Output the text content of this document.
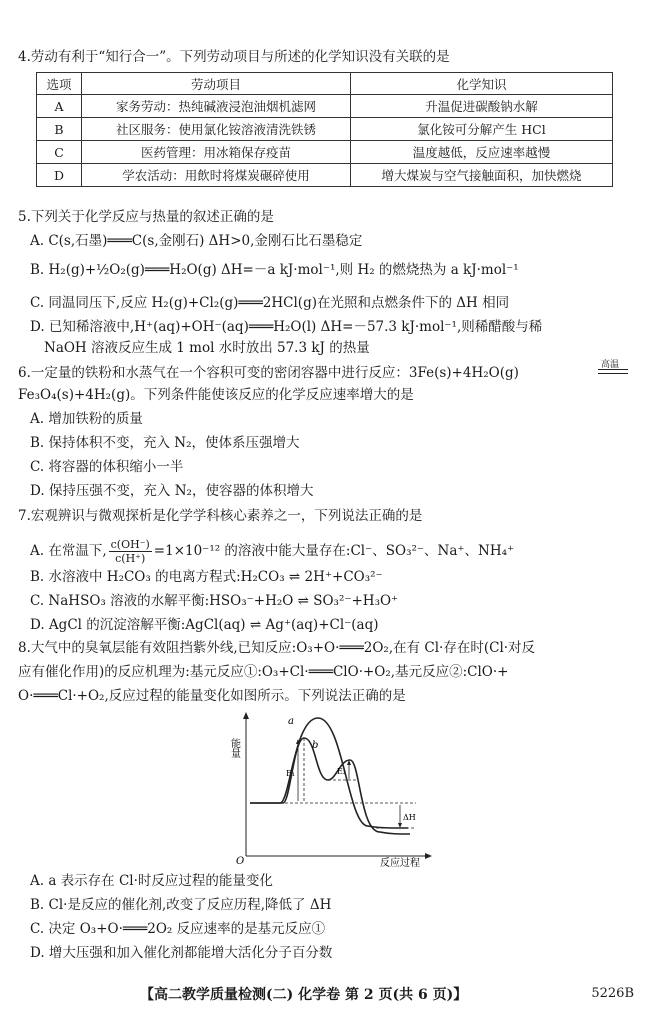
4.劳动有利于“知行合一”。下列劳动项目与所述的化学知识没有关联的是
选项	劳动项目	化学知识
A	家务劳动：热纯碱液浸泡油烟机滤网	升温促进碳酸钠水解
B	社区服务：使用氯化铵溶液清洗铁锈	氯化铵可分解产生 HCl
C	医药管理：用冰箱保存疫苗	温度越低，反应速率越慢
D	学农活动：用飲时将煤炭碾碎使用	增大煤炭与空气接触面积，加快燃烧
5.下列关于化学反应与热量的叙述正确的是
A. C(s,石墨)═══C(s,金刚石) ΔH>0,金刚石比石墨稳定
B. H₂(g)+½O₂(g)═══H₂O(g) ΔH=－a kJ·mol⁻¹,则 H₂ 的燃烧热为 a kJ·mol⁻¹
C. 同温同压下,反应 H₂(g)+Cl₂(g)═══2HCl(g)在光照和点燃条件下的 ΔH 相同
D. 已知稀溶液中,H⁺(aq)+OH⁻(aq)═══H₂O(l) ΔH=－57.3 kJ·mol⁻¹,则稀醋酸与稀
NaOH 溶液反应生成 1 mol 水时放出 57.3 kJ 的热量
6.一定量的铁粉和水蒸气在一个容积可变的密闭容器中进行反应：3Fe(s)+4H₂O(g)	高温
Fe₃O₄(s)+4H₂(g)。下列条件能使该反应的化学反应速率增大的是
A. 增加铁粉的质量
B. 保持体积不变，充入 N₂，使体系压强增大
C. 将容器的体积缩小一半
D. 保持压强不变，充入 N₂，使容器的体积增大
7.宏观辨识与微观探析是化学学科核心素养之一，下列说法正确的是
A. 在常温下, $\frac{c(OH^-)}{c(H^+)} =1\times 10^{-12}$ 的溶液中能大量存在:Cl⁻、SO₃²⁻、Na⁺、NH₄⁺
B. 水溶液中 H₂CO₃ 的电离方程式:H₂CO₃ ⇌ 2H⁺+CO₃²⁻
C. NaHSO₃ 溶液的水解平衡:HSO₃⁻+H₂O ⇌ SO₃²⁻+H₃O⁺
D. AgCl 的沉淀溶解平衡:AgCl(aq) ⇌ Ag⁺(aq)+Cl⁻(aq)
8.大气中的臭氧层能有效阻挡紫外线,已知反应:O₃+O·═══2O₂,在有 Cl·存在时(Cl·对反
应有催化作用)的反应机理为:基元反应①:O₃+Cl·═══ClO·+O₂,基元反应②:ClO·+
O·═══Cl·+O₂,反应过程的能量变化如图所示。下列说法正确的是
能量
反应过程
O
a
b
E₁	E₂
ΔH
A. a 表示存在 Cl·时反应过程的能量变化
B. Cl·是反应的催化剂,改变了反应历程,降低了 ΔH
C. 决定 O₃+O·═══2O₂ 反应速率的是基元反应①
D. 增大压强和加入催化剂都能增大活化分子百分数
【高二教学质量检测(二) 化学卷 第 2 页(共 6 页)】	5226B
